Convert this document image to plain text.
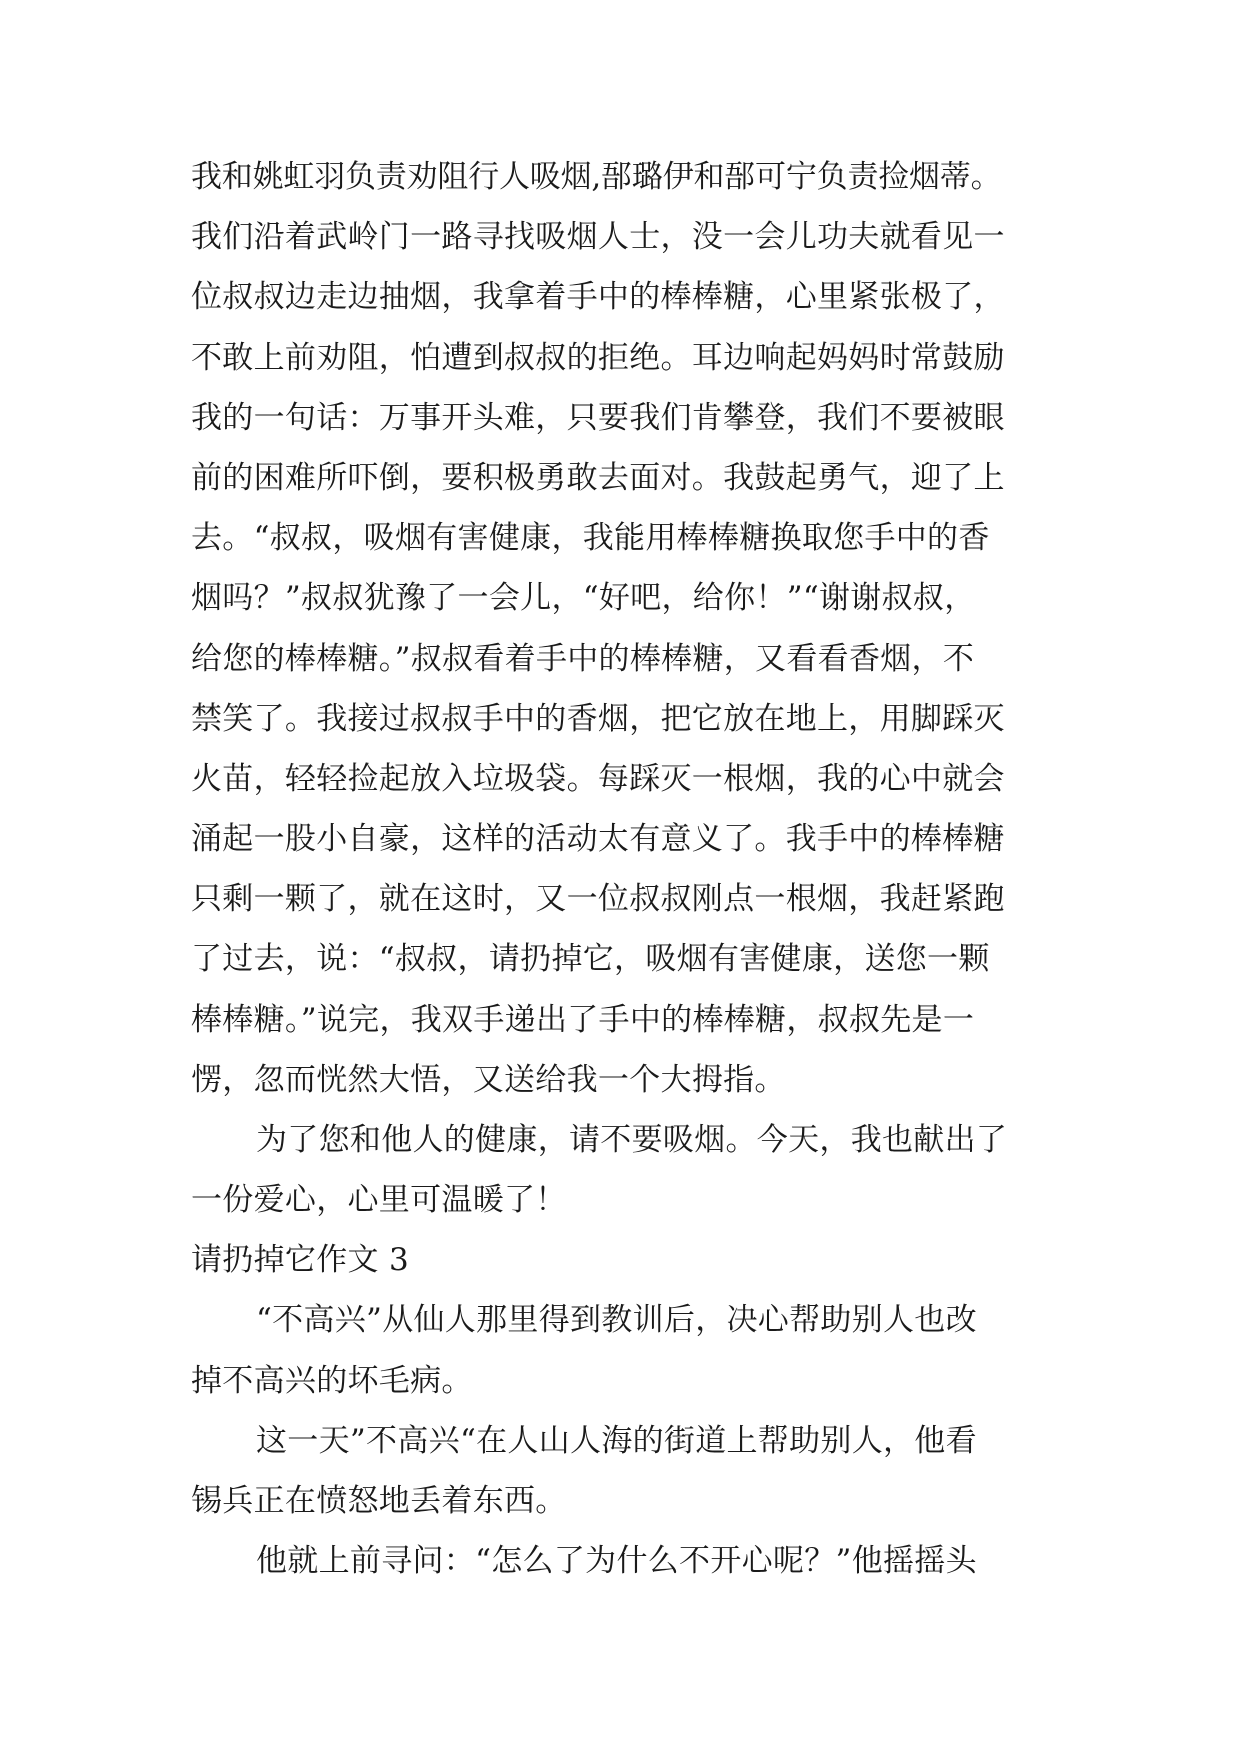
我和姚虹羽负责劝阻行人吸烟,郚璐伊和郚可宁负责捡烟蒂。
我们沿着武岭门一路寻找吸烟人士，没一会儿功夫就看见一
位叔叔边走边抽烟，我拿着手中的棒棒糖，心里紧张极了，
不敢上前劝阻，怕遭到叔叔的拒绝。耳边响起妈妈时常鼓励
我的一句话：万事开头难，只要我们肯攀登，我们不要被眼
前的困难所吓倒，要积极勇敢去面对。我鼓起勇气，迎了上
去。“叔叔，吸烟有害健康，我能用棒棒糖换取您手中的香
烟吗？”叔叔犹豫了一会儿，“好吧，给你！”“谢谢叔叔，
给您的棒棒糖。”叔叔看着手中的棒棒糖，又看看香烟，不
禁笑了。我接过叔叔手中的香烟，把它放在地上，用脚踩灭
火苗，轻轻捡起放入垃圾袋。每踩灭一根烟，我的心中就会
涌起一股小自豪，这样的活动太有意义了。我手中的棒棒糖
只剩一颗了，就在这时，又一位叔叔刚点一根烟，我赶紧跑
了过去，说：“叔叔，请扔掉它，吸烟有害健康，送您一颗
棒棒糖。”说完，我双手递出了手中的棒棒糖，叔叔先是一
愣，忽而恍然大悟，又送给我一个大拇指。
为了您和他人的健康，请不要吸烟。今天，我也献出了
一份爱心，心里可温暖了！
请扔掉它作文 3
“不高兴”从仙人那里得到教训后，决心帮助别人也改
掉不高兴的坏毛病。
这一天”不高兴“在人山人海的街道上帮助别人，他看
锡兵正在愤怒地丢着东西。
他就上前寻问：“怎么了为什么不开心呢？”他摇摇头
